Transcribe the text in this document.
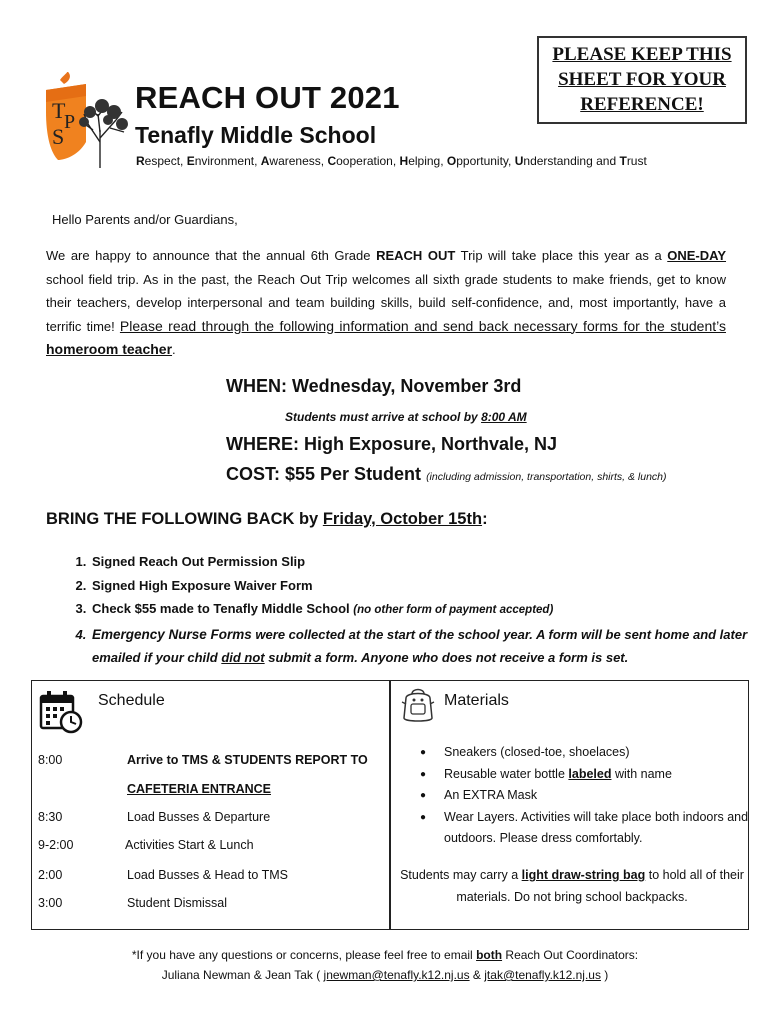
T
P
S
REACH OUT 2021
Tenafly Middle School
Respect, Environment, Awareness, Cooperation, Helping, Opportunity, Understanding and Trust
PLEASE KEEP THIS
SHEET FOR YOUR
REFERENCE!
Hello Parents and/or Guardians,
We are happy to announce that the annual 6th Grade REACH OUT Trip will take place this year as a ONE-DAY school field trip. As in the past, the Reach Out Trip welcomes all sixth grade students to make friends, get to know their teachers, develop interpersonal and team building skills, build self-confidence, and, most importantly, have a terrific time! Please read through the following information and send back necessary forms for the student’s homeroom teacher.
WHEN: Wednesday, November 3rd
Students must arrive at school by 8:00 AM
WHERE: High Exposure, Northvale, NJ
COST: $55 Per Student (including admission, transportation, shirts, & lunch)
BRING THE FOLLOWING BACK by Friday, October 15th:
1. Signed Reach Out Permission Slip
2. Signed High Exposure Waiver Form
3. Check $55 made to Tenafly Middle School (no other form of payment accepted)
4. Emergency Nurse Forms were collected at the start of the school year. A form will be sent home and later emailed if your child did not submit a form. Anyone who does not receive a form is set.
Schedule	Materials
8:00	Arrive to TMS & STUDENTS REPORT TO
CAFETERIA ENTRANCE
8:30	Load Busses & Departure
9-2:00	Activities Start & Lunch
2:00	Load Busses & Head to TMS
3:00	Student Dismissal
● Sneakers (closed-toe, shoelaces)
● Reusable water bottle labeled with name
● An EXTRA Mask
● Wear Layers. Activities will take place both indoors and outdoors. Please dress comfortably.
Students may carry a light draw-string bag to hold all of their materials. Do not bring school backpacks.
*If you have any questions or concerns, please feel free to email both Reach Out Coordinators:
Juliana Newman & Jean Tak ( jnewman@tenafly.k12.nj.us & jtak@tenafly.k12.nj.us )
